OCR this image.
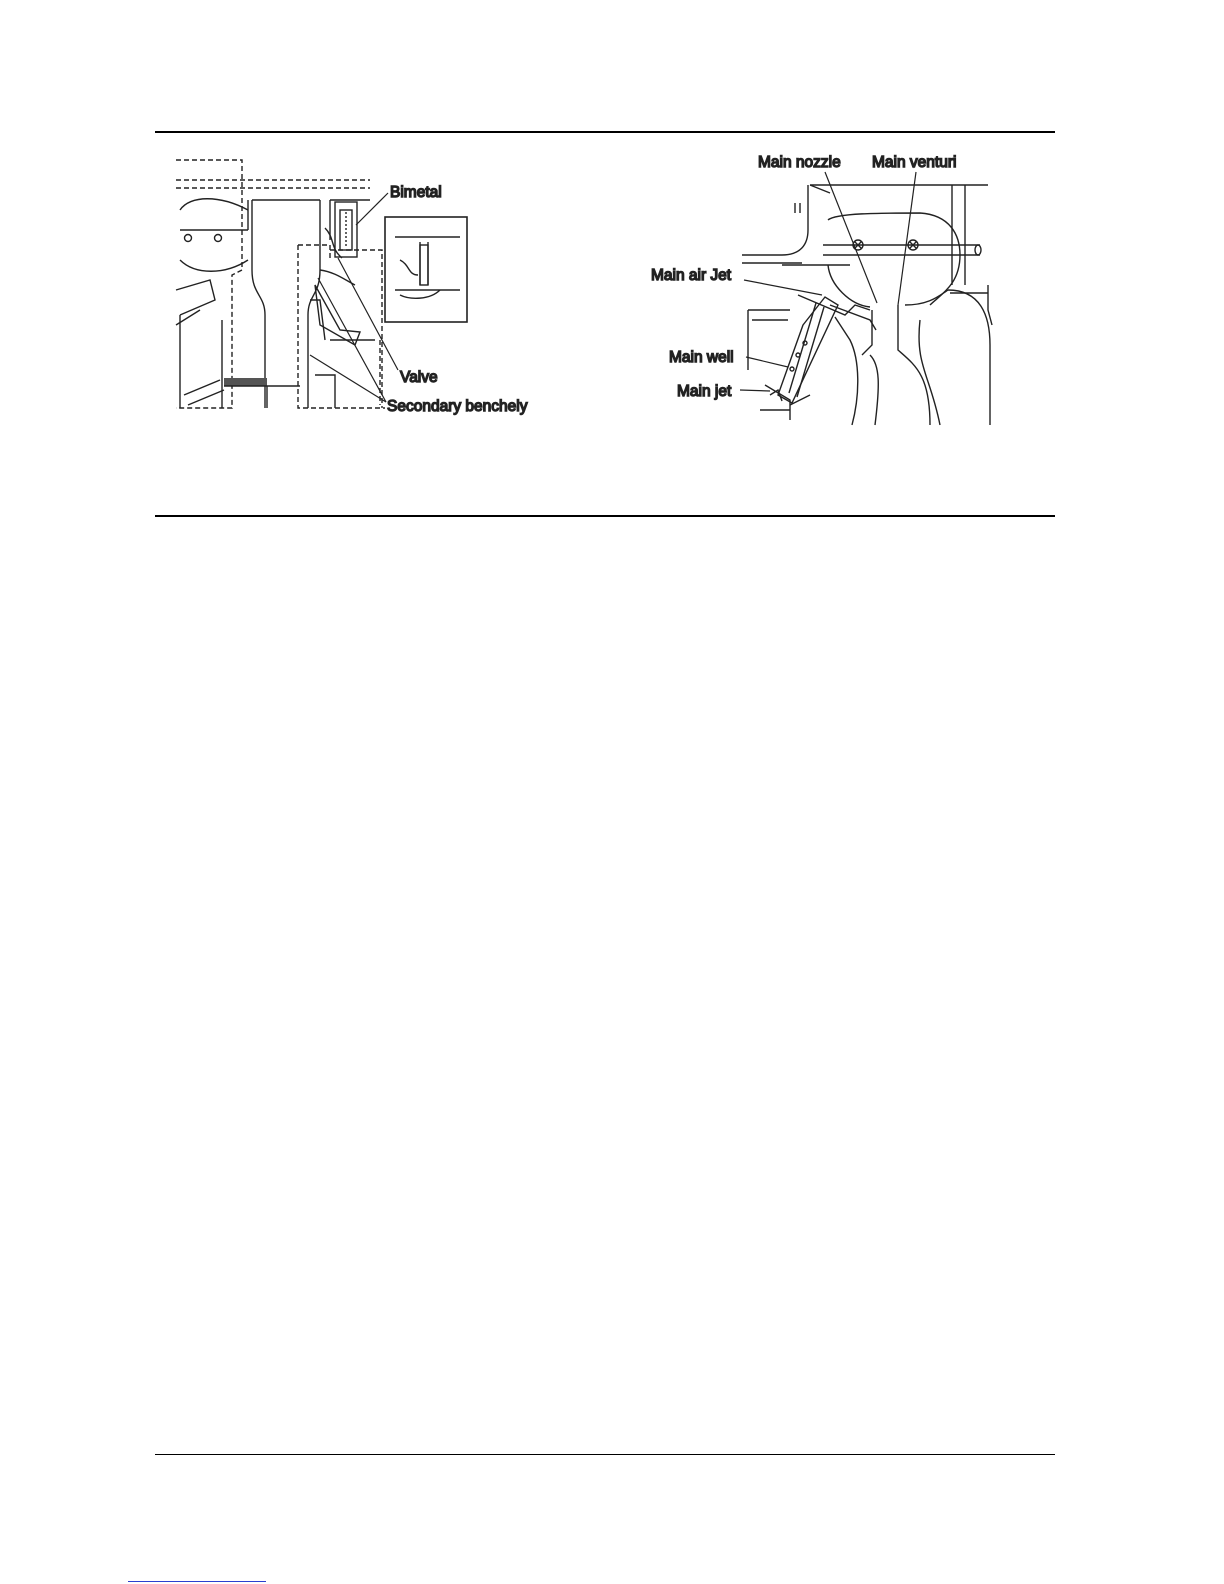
Bimetal
Valve
Secondary benchely
Main nozzle Main venturi
Main air Jet
Main well
Main jet
